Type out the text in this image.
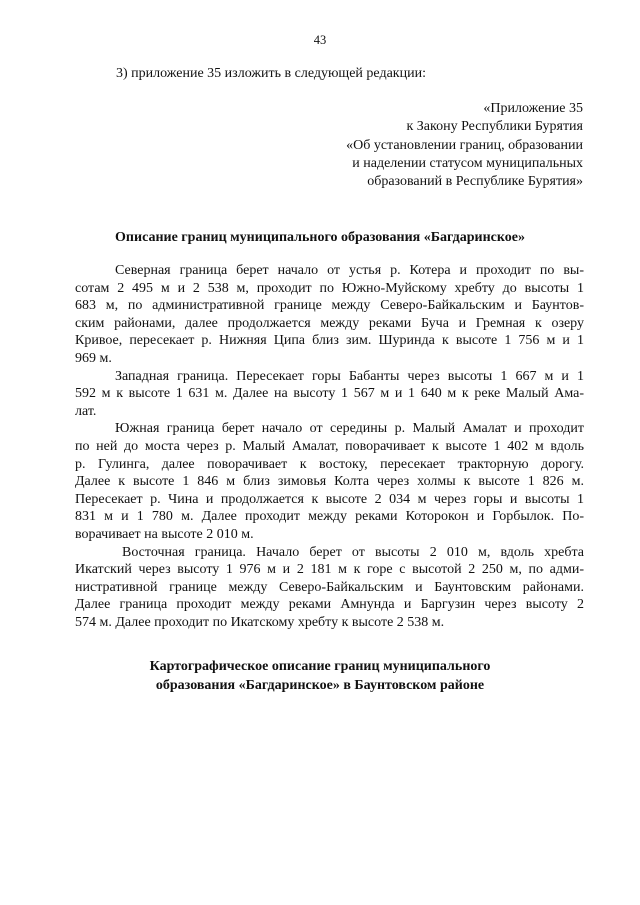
43
3) приложение 35 изложить в следующей редакции:
«Приложение 35
к Закону Республики Бурятия
«Об установлении границ, образовании
и наделении статусом муниципальных
образований в Республике Бурятия»
Описание границ муниципального образования «Багдаринское»
Северная граница берет начало от устья р. Котера и проходит по вы-
сотам 2 495 м и 2 538 м, проходит по Южно-Муйскому хребту до высоты 1
683 м, по административной границе между Северо-Байкальским и Баунтов-
ским районами, далее продолжается между реками Буча и Гремная к озеру
Кривое, пересекает р. Нижняя Ципа близ зим. Шуринда к высоте 1 756 м и 1
969 м.
Западная граница. Пересекает горы Бабанты через высоты 1 667 м и 1
592 м к высоте 1 631 м. Далее на высоту 1 567 м и 1 640 м к реке Малый Ама-
лат.
Южная граница берет начало от середины р. Малый Амалат и проходит
по ней до моста через р. Малый Амалат, поворачивает к высоте 1 402 м вдоль
р. Гулинга, далее поворачивает к востоку, пересекает тракторную дорогу.
Далее к высоте 1 846 м близ зимовья Колта через холмы к высоте 1 826 м.
Пересекает р. Чина и продолжается к высоте 2 034 м через горы и высоты 1
831 м и 1 780 м. Далее проходит между реками Которокон и Горбылок. По-
ворачивает на высоте 2 010 м.
Восточная граница. Начало берет от высоты 2 010 м, вдоль хребта
Икатский через высоту 1 976 м и 2 181 м к горе с высотой 2 250 м, по адми-
нистративной границе между Северо-Байкальским и Баунтовским районами.
Далее граница проходит между реками Амнунда и Баргузин через высоту 2
574 м. Далее проходит по Икатскому хребту к высоте 2 538 м.
Картографическое описание границ муниципального
образования «Багдаринское» в Баунтовском районе
